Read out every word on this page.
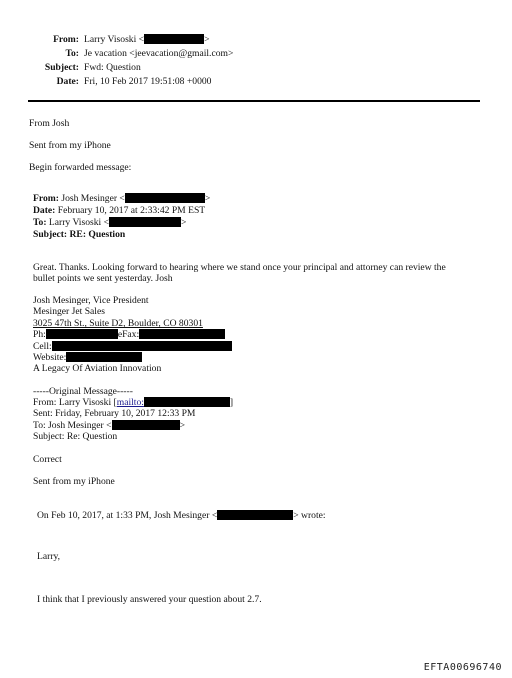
From: Larry Visoski <	>
To: Je vacation <jeevacation@gmail.com>
Subject: Fwd: Question
Date: Fri, 10 Feb 2017 19:51:08 +0000
From Josh
Sent from my iPhone
Begin forwarded message:
From: Josh Mesinger <	>
Date: February 10, 2017 at 2:33:42 PM EST
To: Larry Visoski <	>
Subject: RE: Question
Great. Thanks. Looking forward to hearing where we stand once your principal and attorney can review the
bullet points we sent yesterday. Josh
Josh Mesinger, Vice President
Mesinger Jet Sales
3025 47th St., Suite D2, Boulder, CO 80301
Ph:	eFax:
Cell:
Website:
A Legacy Of Aviation Innovation
-----Original Message-----
From: Larry Visoski [mailto:	]
Sent: Friday, February 10, 2017 12:33 PM
To: Josh Mesinger <	>
Subject: Re: Question
Correct
Sent from my iPhone
On Feb 10, 2017, at 1:33 PM, Josh Mesinger <	> wrote:
Larry,
I think that I previously answered your question about 2.7.
EFTA00696740
